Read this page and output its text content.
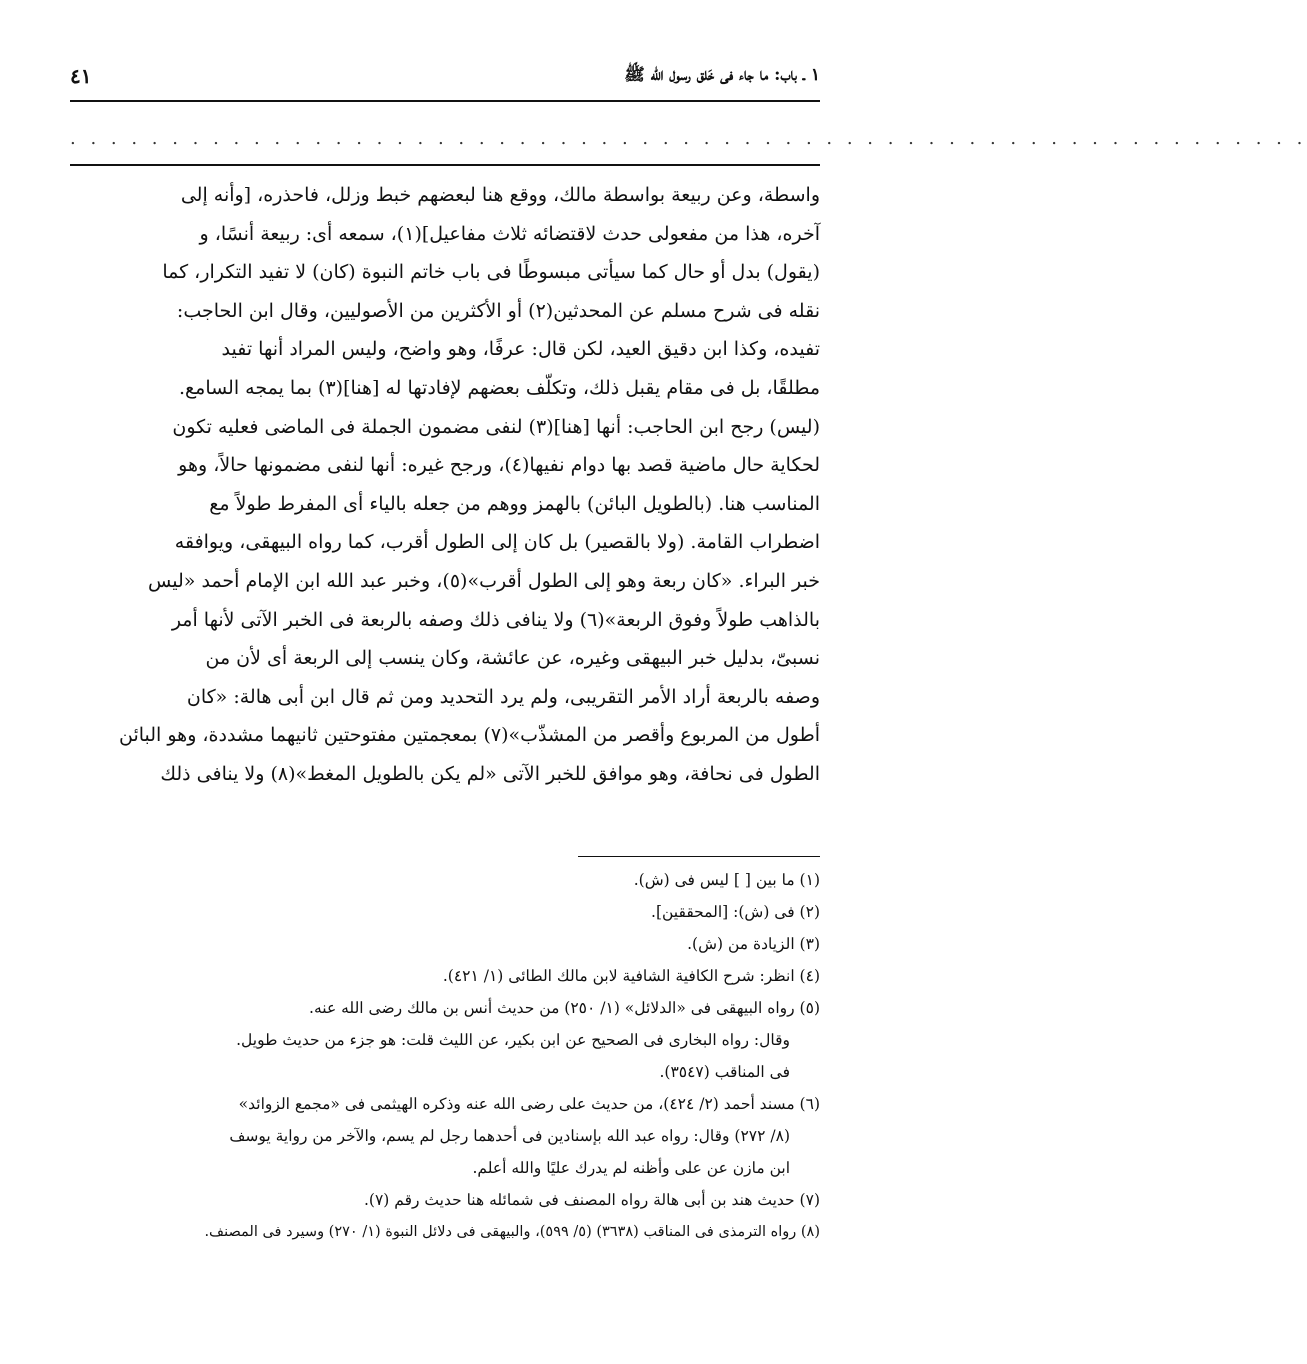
١ ـ باب: ما جاء فى خَلق رسول الله ﷺ
٤١
. . . . . . . . . . . . . . . . . . . . . . . . . . . . . . . . . . . . . . . . . . . . . . . . . . . . . . . . . . . . .
واسطة، وعن ربيعة بواسطة مالك، ووقع هنا لبعضهم خبط وزلل، فاحذره، [وأنه إلى
آخره، هذا من مفعولى حدث لاقتضائه ثلاث مفاعيل](١)، سمعه أى: ربيعة أنسًا، و
(يقول) بدل أو حال كما سيأتى مبسوطًا فى باب خاتم النبوة (كان) لا تفيد التكرار، كما
نقله فى شرح مسلم عن المحدثين(٢) أو الأكثرين من الأصوليين، وقال ابن الحاجب:
تفيده، وكذا ابن دقيق العيد، لكن قال: عرفًا، وهو واضح، وليس المراد أنها تفيد
مطلقًا، بل فى مقام يقبل ذلك، وتكلّف بعضهم لإفادتها له [هنا](٣) بما يمجه السامع.
(ليس) رجح ابن الحاجب: أنها [هنا](٣) لنفى مضمون الجملة فى الماضى فعليه تكون
لحكاية حال ماضية قصد بها دوام نفيها(٤)، ورجح غيره: أنها لنفى مضمونها حالاً، وهو
المناسب هنا. (بالطويل البائن) بالهمز ووهم من جعله بالياء أى المفرط طولاً مع
اضطراب القامة. (ولا بالقصير) بل كان إلى الطول أقرب، كما رواه البيهقى، ويوافقه
خبر البراء. «كان ربعة وهو إلى الطول أقرب»(٥)، وخبر عبد الله ابن الإمام أحمد «ليس
بالذاهب طولاً وفوق الربعة»(٦) ولا ينافى ذلك وصفه بالربعة فى الخبر الآتى لأنها أمر
نسبىّ، بدليل خبر البيهقى وغيره، عن عائشة، وكان ينسب إلى الربعة أى لأن من
وصفه بالربعة أراد الأمر التقريبى، ولم يرد التحديد ومن ثم قال ابن أبى هالة: «كان
أطول من المربوع وأقصر من المشذّب»(٧) بمعجمتين مفتوحتين ثانيهما مشددة، وهو البائن
الطول فى نحافة، وهو موافق للخبر الآتى «لم يكن بالطويل المغط»(٨) ولا ينافى ذلك
(١) ما بين [ ] ليس فى (ش).
(٢) فى (ش): [المحققين].
(٣) الزيادة من (ش).
(٤) انظر: شرح الكافية الشافية لابن مالك الطائى (١/ ٤٢١).
(٥) رواه البيهقى فى «الدلائل» (١/ ٢٥٠) من حديث أنس بن مالك رضى الله عنه.
وقال: رواه البخارى فى الصحيح عن ابن بكير، عن الليث قلت: هو جزء من حديث طويل.
فى المناقب (٣٥٤٧).
(٦) مسند أحمد (٢/ ٤٢٤)، من حديث على رضى الله عنه وذكره الهيثمى فى «مجمع الزوائد»
(٨/ ٢٧٢) وقال: رواه عبد الله بإسنادين فى أحدهما رجل لم يسم، والآخر من رواية يوسف
ابن مازن عن على وأظنه لم يدرك عليًا والله أعلم.
(٧) حديث هند بن أبى هالة رواه المصنف فى شمائله هنا حديث رقم (٧).
(٨) رواه الترمذى فى المناقب (٣٦٣٨) (٥/ ٥٩٩)، والبيهقى فى دلائل النبوة (١/ ٢٧٠) وسيرد فى المصنف.
